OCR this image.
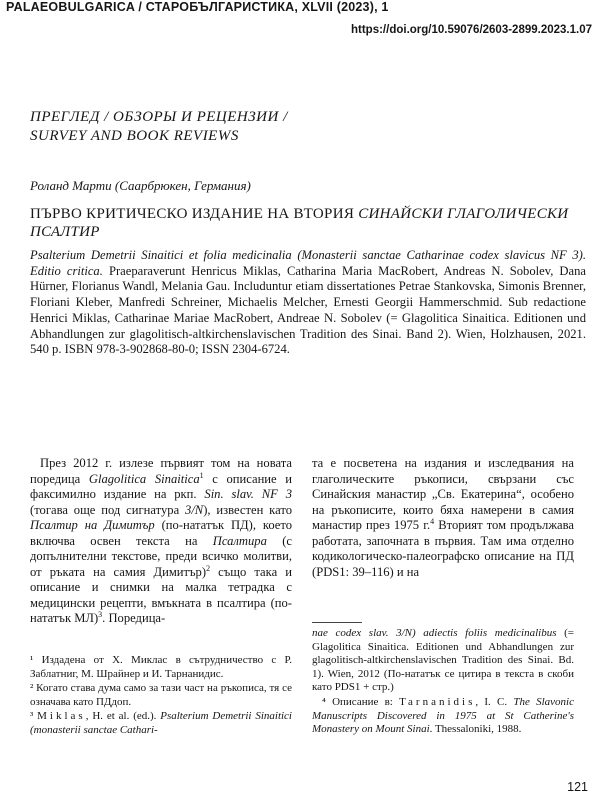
PALAEOBULGARICA / СТАРОБЪЛГАРИСТИКА, XLVII (2023), 1
https://doi.org/10.59076/2603-2899.2023.1.07
ПРЕГЛЕД / ОБЗОРЫ И РЕЦЕНЗИИ /
SURVEY AND BOOK REVIEWS
Роланд Марти (Саарбрюкен, Германия)
ПЪРВО КРИТИЧЕСКО ИЗДАНИЕ НА ВТОРИЯ СИНАЙСКИ ГЛАГОЛИЧЕСКИ ПСАЛТИР

Psalterium Demetrii Sinaitici et folia medicinalia (Monasterii sanctae Catharinae codex slavicus NF 3). Editio critica. Praeparaverunt Henricus Miklas, Catharina Maria MacRobert, Andreas N. Sobolev, Dana Hürner, Florianus Wandl, Melania Gau. Includuntur etiam dissertationes Petrae Stankovska, Simonis Brenner, Floriani Kleber, Manfredi Schreiner, Michaelis Melcher, Ernesti Georgii Hammerschmid. Sub redactione Henrici Miklas, Catharinae Mariae MacRobert, Andreae N. Sobolev (= Glagolitica Sinaitica. Editionen und Abhandlungen zur glagolitisch-altkirchenslavischen Tradition des Sinai. Band 2). Wien, Holzhausen, 2021. 540 p. ISBN 978-3-902868-80-0; ISSN 2304-6724.

През 2012 г. излезе първият том на новата поредица Glagolitica Sinaitica$^1$ с описание и факсимилно издание на ркп. Sin. slav. NF 3 (тогава още под сигнатура 3/N), известен като Псалтир на Димитър (по-нататък ПД), което включва освен текста на Псалтира (с допълнителни текстове, преди всичко молитви, от ръката на самия Димитър)$^2$ също така и описание и снимки на малка тетрадка с медицински рецепти, вмъкната в псалтира (по-нататък МЛ)$^3$. Поредица-

та е посветена на издания и изследвания на глаголическите ръкописи, свързани със Синайския манастир „Св. Екатерина“, особено на ръкописите, които бяха намерени в самия манастир през 1975 г.$^4$ Вторият том продължава работата, започната в първия. Там има отделно кодикологическо-палеографско описание на ПД (PDS1: 39–116) и на

¹ Издадена от Х. Миклас в сътрудничество с Р. Заблатниг, М. Шрайнер и И. Тарнанидис.

² Когато става дума само за тази част на ръкописа, тя се означава като ПДдоп.

³ Miklas, H. et al. (ed.). Psalterium Demetrii Sinaitici (monasterii sanctae Cathari-

nae codex slav. 3/N) adiectis foliis medicinalibus (= Glagolitica Sinaitica. Editionen und Abhandlungen zur glagolitisch-altkirchenslavischen Tradition des Sinai. Bd. 1). Wien, 2012 (По-нататък се цитира в текста в скоби като PDS1 + стр.)

⁴ Описание в: Tarnanidis, I. C. The Slavonic Manuscripts Discovered in 1975 at St Catherine's Monastery on Mount Sinai. Thessaloniki, 1988.

121
